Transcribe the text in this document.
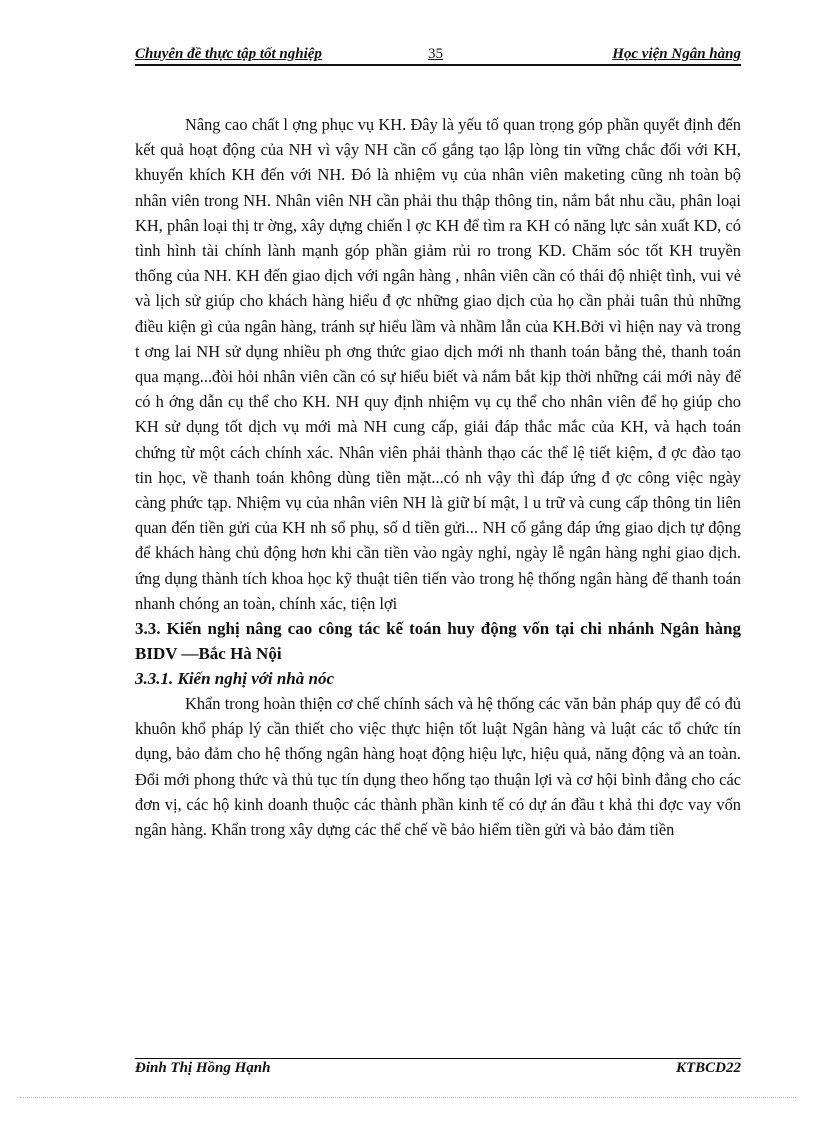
Chuyên đề thực tập tốt nghiệp	35	Học viện Ngân hàng

Nâng cao chất l ợng phục vụ KH. Đây là yếu tố quan trọng góp phần quyết định đến kết quả hoạt động của NH vì vậy NH cần cố gắng tạo lập lòng tin vững chắc đối với KH, khuyến khích KH đến với NH. Đó là nhiệm vụ của nhân viên maketing cũng nh toàn bộ nhân viên trong NH. Nhân viên NH cần phải thu thập thông tin, nắm bắt nhu cầu, phân loại KH, phân loại thị tr ờng, xây dựng chiến l ợc KH để tìm ra KH có năng lực sản xuất KD, có tình hình tài chính lành mạnh góp phần giảm rủi ro trong KD. Chăm sóc tốt KH truyền thống của NH. KH đến giao dịch với ngân hàng , nhân viên cần có thái độ nhiệt tình, vui vẻ và lịch sử giúp cho khách hàng hiểu đ ợc những giao dịch của họ cần phải tuân thủ những điều kiện gì của ngân hàng, tránh sự hiểu lầm và nhầm lẫn của KH.Bởi vì hiện nay và trong t ơng lai NH sử dụng nhiều ph ơng thức giao dịch mới nh thanh toán bằng thẻ, thanh toán qua mạng...đòi hỏi nhân viên cần có sự hiểu biết và nắm bắt kịp thời những cái mới này để có h ớng dẫn cụ thể cho KH. NH quy định nhiệm vụ cụ thể cho nhân viên để họ giúp cho KH sử dụng tốt dịch vụ mới mà NH cung cấp, giải đáp thắc mắc của KH, và hạch toán chứng từ một cách chính xác. Nhân viên phải thành thạo các thể lệ tiết kiệm, đ ợc đào tạo tin học, về thanh toán không dùng tiền mặt...có nh vậy thì đáp ứng đ ợc công việc ngày càng phức tạp. Nhiệm vụ của nhân viên NH là giữ bí mật, l u trữ và cung cấp thông tin liên quan đến tiền gửi của KH nh sổ phụ, số d tiền gửi... NH cố gắng đáp ứng giao dịch tự động để khách hàng chủ động hơn khi cần tiền vào ngày nghỉ, ngày lễ ngân hàng nghỉ giao dịch. ứng dụng thành tích khoa học kỹ thuật tiên tiến vào trong hệ thống ngân hàng để thanh toán nhanh chóng an toàn, chính xác, tiện lợi

3.3. Kiến nghị nâng cao công tác kế toán huy động vốn tại chi nhánh Ngân hàng BIDV —Bắc Hà Nội

3.3.1. Kiến nghị với nhà nóc

Khẩn trong hoàn thiện cơ chế chính sách và hệ thống các văn bản pháp quy để có đủ khuôn khổ pháp lý cần thiết cho việc thực hiện tốt luật Ngân hàng và luật các tổ chức tín dụng, bảo đảm cho hệ thống ngân hàng hoạt động hiệu lực, hiệu quả, năng động và an toàn. Đổi mới phong thức và thủ tục tín dụng theo hống tạo thuận lợi và cơ hội bình đẳng cho các đơn vị, các hộ kinh doanh thuộc các thành phần kinh tế có dự án đầu t khả thi đợc vay vốn ngân hàng. Khẩn trong xây dựng các thể chế về bảo hiểm tiền gửi và bảo đảm tiền

Đinh Thị Hồng Hạnh	KTBCD22
